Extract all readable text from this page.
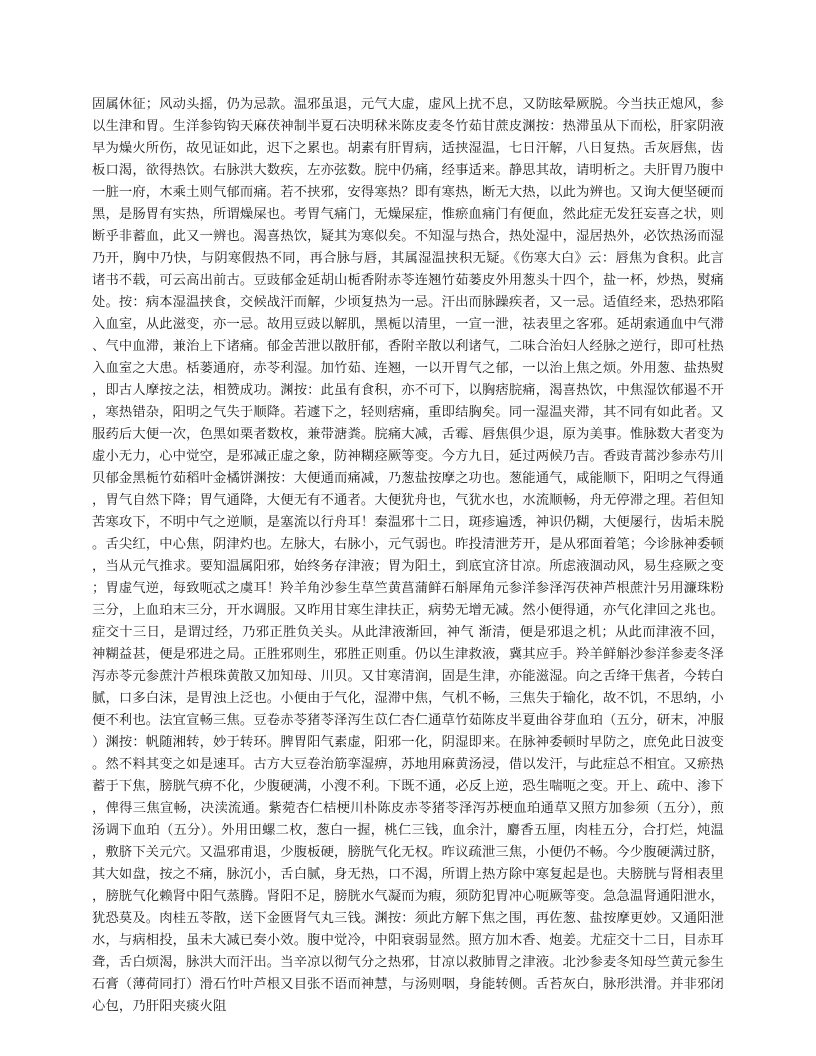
固属休征；风动头摇，仍为忌款。温邪虽退，元气大虚，虚风上扰不息，又防眩晕厥脱。今当扶正熄风，参以生津和胃。生洋参钩钩天麻茯神制半夏石决明秫米陈皮麦冬竹茹甘蔗皮渊按：热滞虽从下而松，肝家阴液早为燥火所伤，故见证如此，迟下之累也。胡素有肝胃病，适挟湿温，七日汗解，八日复热。舌灰唇焦，齿板口渴，欲得热饮。右脉洪大数疾，左亦弦数。脘中仍痛，经事适来。静思其故，请明析之。夫肝胃乃腹中一脏一府，木乘土则气郁而痛。若不挟邪，安得寒热？即有寒热，断无大热，以此为辨也。又询大便坚硬而黑，是肠胃有实热，所谓燥屎也。考胃气痛门，无燥屎症，惟瘀血痛门有便血，然此症无发狂妄喜之状，则断乎非蓄血，此又一辨也。渴喜热饮，疑其为寒似矣。不知湿与热合，热处湿中，湿居热外，必饮热汤而湿乃开，胸中乃快，与阴寒假热不同，再合脉与唇，其属湿温挟积无疑。《伤寒大白》云：唇焦为食积。此言诸书不载，可云高出前古。豆豉郁金延胡山栀香附赤苓连翘竹茹蒌皮外用葱头十四个，盐一杯，炒热，熨痛处。按：病本湿温挟食，交候战汗而解，少顷复热为一忌。汗出而脉躁疾者，又一忌。适值经来，恐热邪陷入血室，从此滋变，亦一忌。故用豆豉以解肌，黑栀以清里，一宣一泄，祛表里之客邪。延胡索通血中气滞、气中血滞，兼治上下诸痛。郁金苦泄以散肝郁，香附辛散以利诸气，二味合治妇人经脉之逆行，即可杜热入血室之大患。栝蒌通府，赤苓利湿。加竹茹、连翘，一以开胃气之郁，一以治上焦之烦。外用葱、盐热熨，即古人摩按之法，相赞成功。渊按：此虽有食积，亦不可下，以胸痞脘痛，渴喜热饮，中焦湿饮郁遏不开，寒热错杂，阳明之气失于顺降。若遽下之，轻则痞痛，重即结胸矣。同一湿温夹滞，其不同有如此者。又服药后大便一次，色黑如栗者数枚，兼带溏粪。脘痛大减，舌霉、唇焦俱少退，原为美事。惟脉数大者变为虚小无力，心中觉空，是邪减正虚之象，防神糊痉厥等变。今方九日，延过两候乃吉。香豉青蒿沙参赤芍川贝郁金黑栀竹茹稻叶金橘饼渊按：大便通而痛减，乃葱盐按摩之功也。葱能通气，咸能顺下，阳明之气得通，胃气自然下降；胃气通降，大便无有不通者。大便犹舟也，气犹水也，水流顺畅，舟无停滞之理。若但知苦寒攻下，不明中气之逆顺，是塞流以行舟耳！秦温邪十二日，斑疹遍透，神识仍糊，大便屡行，齿垢未脱。舌尖红，中心焦，阴津灼也。左脉大，右脉小，元气弱也。昨投清泄芳开，是从邪面着笔；今诊脉神委顿，当从元气推求。要知温属阳邪，始终务存津液；胃为阳土，到底宜济甘凉。所虑液涸动风，易生痉厥之变；胃虚气逆，每致呃忒之虞耳！羚羊角沙参生草竺黄菖蒲鲜石斛犀角元参洋参泽泻茯神芦根蔗汁另用濂珠粉三分，上血珀末三分，开水调服。又昨用甘寒生津扶正，病势无增无减。然小便得通，亦气化津回之兆也。症交十三日，是谓过经，乃邪正胜负关头。从此津液渐回，神气 渐清，便是邪退之机；从此而津液不回，神糊益甚，便是邪进之局。正胜邪则生，邪胜正则重。仍以生津救液，冀其应手。羚羊鲜斛沙参洋参麦冬泽泻赤苓元参蔗汁芦根珠黄散又加知母、川贝。又甘寒清润，固是生津，亦能滋湿。向之舌绛干焦者，今转白腻，口多白沫，是胃浊上泛也。小便由于气化，湿滞中焦，气机不畅，三焦失于输化，故不饥，不思纳，小便不利也。法宜宣畅三焦。豆卷赤苓猪苓泽泻生苡仁杏仁通草竹茹陈皮半夏曲谷芽血珀（五分，研末，冲服）渊按：帆随湘转，妙于转环。脾胃阳气素虚，阳邪一化，阴湿即来。在脉神委顿时早防之，庶免此日波变。然不料其变之如是速耳。古方大豆卷治筋挛湿痹，苏地用麻黄汤浸，借以发汗，与此症总不相宜。又瘀热蓄于下焦，膀胱气痹不化，少腹硬满，小溲不利。下既不通，必反上逆，恐生喘呃之变。开上、疏中、渗下，俾得三焦宣畅，决渎流通。紫菀杏仁桔梗川朴陈皮赤苓猪苓泽泻苏梗血珀通草又照方加参须（五分），煎汤调下血珀（五分）。外用田螺二枚，葱白一握，桃仁三钱，血余汁，麝香五厘，肉桂五分，合打烂，炖温，敷脐下关元穴。又温邪甫退，少腹板硬，膀胱气化无权。昨议疏泄三焦，小便仍不畅。今少腹硬满过脐，其大如盘，按之不痛，脉沉小，舌白腻，身无热，口不渴，所谓上热方除中寒复起是也。夫膀胱与肾相表里，膀胱气化赖肾中阳气蒸腾。肾阳不足，膀胱水气凝而为瘕，须防犯胃冲心呃厥等变。急急温肾通阳泄水，犹恐莫及。肉桂五苓散，送下金匮肾气丸三钱。渊按：须此方解下焦之围，再佐葱、盐按摩更妙。又通阳泄水，与病相投，虽未大减已奏小效。腹中觉冷，中阳衰弱显然。照方加木香、炮姜。尤症交十二日，目赤耳聋，舌白烦渴，脉洪大而汗出。当辛凉以彻气分之热邪，甘凉以救肺胃之津液。北沙参麦冬知母竺黄元参生石膏（薄荷同打）滑石竹叶芦根又目张不语而神慧，与汤则咽，身能转侧。舌苔灰白，脉形洪滑。并非邪闭心包，乃肝阳夹痰火阻
